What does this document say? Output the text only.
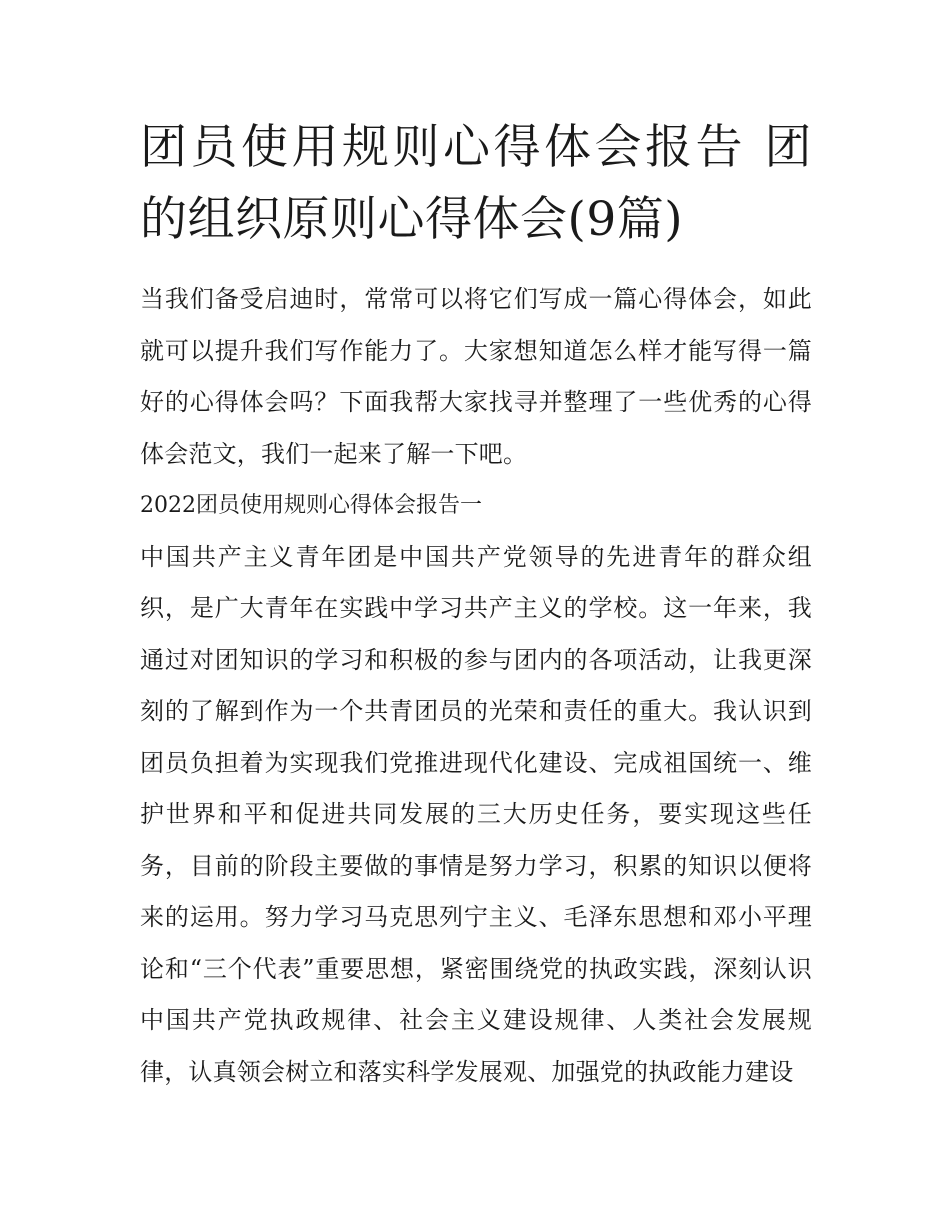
团员使用规则心得体会报告 团的组织原则心得体会(9篇)

当我们备受启迪时，常常可以将它们写成一篇心得体会，如此就可以提升我们写作能力了。大家想知道怎么样才能写得一篇好的心得体会吗？下面我帮大家找寻并整理了一些优秀的心得体会范文，我们一起来了解一下吧。

2022团员使用规则心得体会报告一

中国共产主义青年团是中国共产党领导的先进青年的群众组织，是广大青年在实践中学习共产主义的学校。这一年来，我通过对团知识的学习和积极的参与团内的各项活动，让我更深刻的了解到作为一个共青团员的光荣和责任的重大。我认识到团员负担着为实现我们党推进现代化建设、完成祖国统一、维护世界和平和促进共同发展的三大历史任务，要实现这些任务，目前的阶段主要做的事情是努力学习，积累的知识以便将来的运用。努力学习马克思列宁主义、毛泽东思想和邓小平理论和“三个代表”重要思想，紧密围绕党的执政实践，深刻认识中国共产党执政规律、社会主义建设规律、人类社会发展规律，认真领会树立和落实科学发展观、加强党的执政能力建设
